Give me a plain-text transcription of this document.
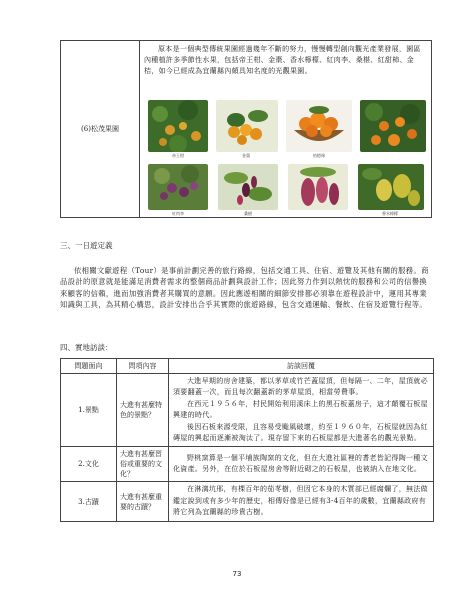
(6)松茂果園

原本是一個典型傳統果園經過幾年不斷的努力，慢慢轉型創向觀光產業發展，園區內種植許多季節性水果，包括帝王柑、金棗、香水檸檬、紅肉李、桑椹、紅甜柿、金桔，如今已經成為宜蘭縣內頗具知名度的光觀果園。

帝王柑	金棗	桔橙祿
紅肉李	桑椹	香水檸檬
三、一日遊定義

依相關文獻遊程（Tour）是事前計劃完善的旅行路線，包括交通工具、住宿、遊覽及其他有關的服務。商品設計的原意就是能滿足消費者需求的整個商品計劃與設計工作；因此努力作到以熱忱的服務和公司的信譽換來顧客的信賴，進而加強消費者其購買的意願。因此應遊相關的細節安排都必須靠在遊程設計中，運用其專業知識與工具，為其精心構思，設計安排出合乎其實際的旅遊路線，包含交通運輸、餐飲、住宿及遊覽行程等。

四、實地訪談：
問題面向	問項內容	訪談回覆
1.景點	大進有甚麼特色的景點？	大進早期的房舍建築，都以茅草或竹芒蓋屋頂，但每隔一、二年，屋頂就必須要翻蓋一次，而且每次翻蓋新的茅草屋頂，相當勞費事。

在西元１９５６年，村民開始利用溪床上的黑石板蓋房子，這才顛覆石板屋興建的時代。

後因石板來源受限，且容易受颱風破壞，約至１９６０年，石板屋就因為紅磚屋的興起而逐漸被淘汰了。現存留下來的石板屋都是大進著名的觀光景點。

2.文化	大進有甚麼習俗或重要的文化？	野桃窯算是一個平埔族陶窯的文化，但在大進社區裡的耆老皆記得陶一種文化資產。另外，在位於石板屋房舍等附近砌之的石板屋，也被納入在地文化。

3.古蹟	大進有甚麼重要的古蹟？	在淋漓坑邢，有棵百年的茄苳樹，但因它本身的木質部已經腐爛了，無法做鑑定說到或有多少年的歷史，相傳好像是已經有3-4百年的歲數，宜蘭縣政府有將它列為宜蘭縣的珍貴古樹。

73
